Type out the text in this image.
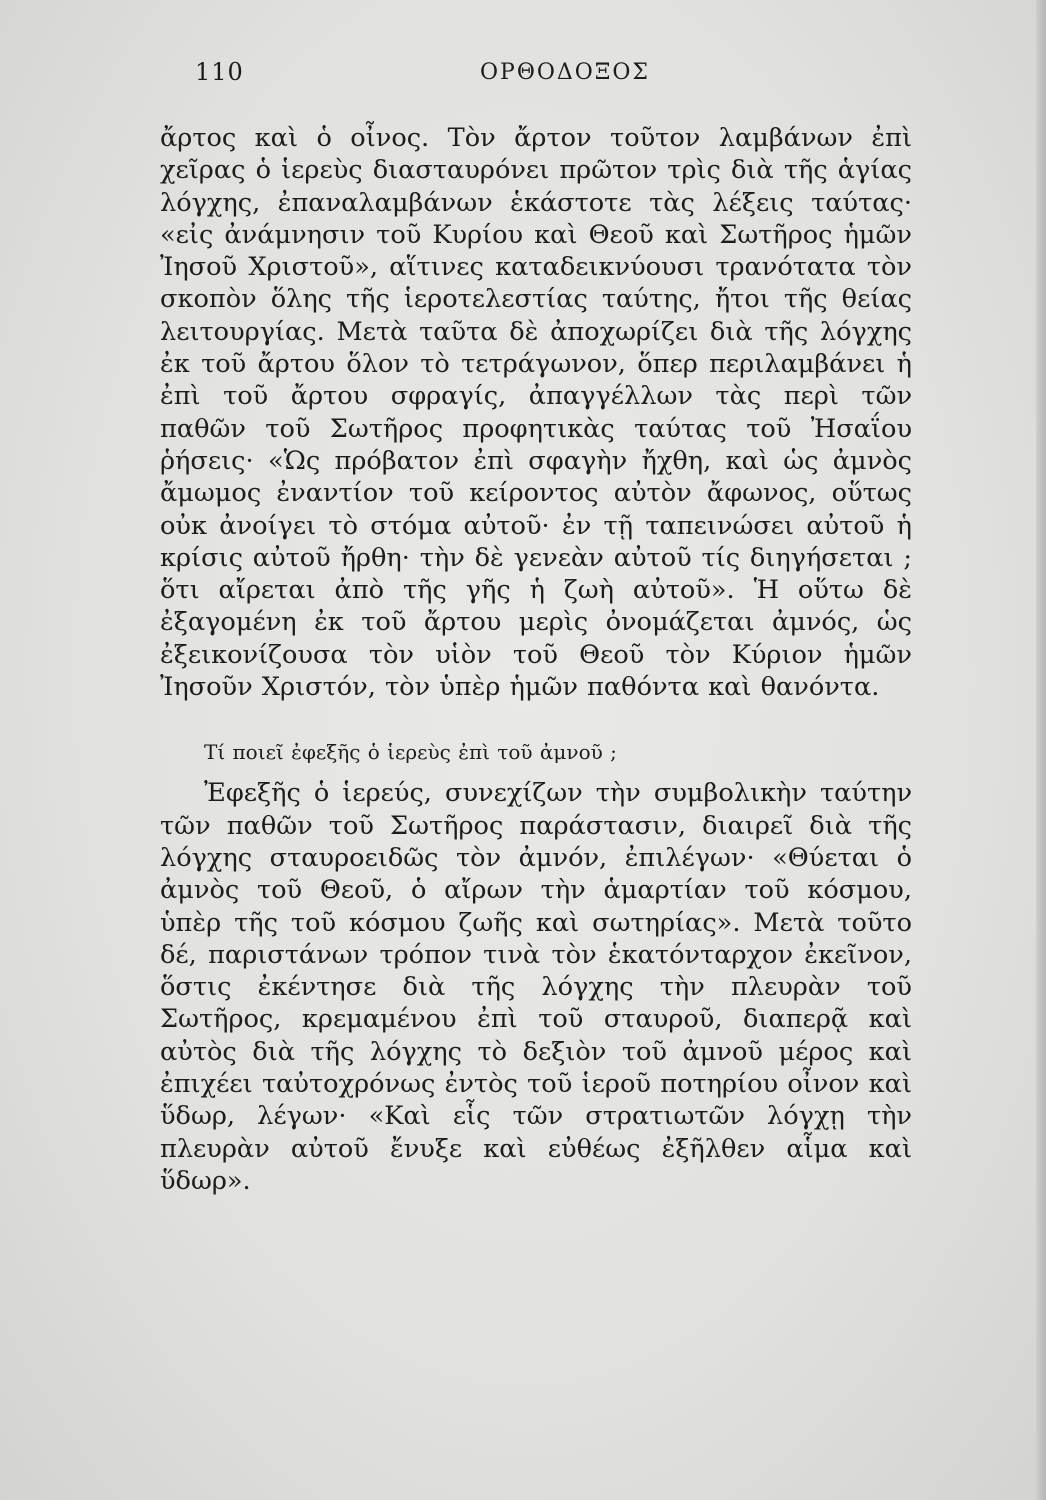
110	ΟΡΘΟΔΟΞΟΣ

ἄρτος καὶ ὁ οἶνος. Τὸν ἄρτον τοῦτον λαμβάνων ἐπὶ χεῖρας ὁ ἱερεὺς διασταυρόνει πρῶτον τρὶς διὰ τῆς ἁγίας λόγχης, ἐπαναλαμβάνων ἑκάστοτε τὰς λέξεις ταύτας· «εἰς ἀνάμνησιν τοῦ Κυρίου καὶ Θεοῦ καὶ Σωτῆρος ἡμῶν Ἰησοῦ Χριστοῦ», αἵτινες καταδεικνύουσι τρανότατα τὸν σκοπὸν ὅλης τῆς ἱεροτελεστίας ταύτης, ἤτοι τῆς θείας λειτουργίας. Μετὰ ταῦτα δὲ ἀποχωρίζει διὰ τῆς λόγχης ἐκ τοῦ ἄρτου ὅλον τὸ τετράγωνον, ὅπερ περιλαμβάνει ἡ ἐπὶ τοῦ ἄρτου σφραγίς, ἀπαγγέλλων τὰς περὶ τῶν παθῶν τοῦ Σωτῆρος προφητικὰς ταύτας τοῦ Ἠσαΐου ῥήσεις· «Ὡς πρόβατον ἐπὶ σφαγὴν ἤχθη, καὶ ὡς ἀμνὸς ἄμωμος ἐναντίον τοῦ κείροντος αὐτὸν ἄφωνος, οὕτως οὐκ ἀνοίγει τὸ στόμα αὐτοῦ· ἐν τῇ ταπεινώσει αὐτοῦ ἡ κρίσις αὐτοῦ ἤρθη· τὴν δὲ γενεὰν αὐτοῦ τίς διηγήσεται ; ὅτι αἴρεται ἀπὸ τῆς γῆς ἡ ζωὴ αὐτοῦ». Ἡ οὕτω δὲ ἐξαγομένη ἐκ τοῦ ἄρτου μερὶς ὀνομάζεται ἀμνός, ὡς ἐξεικονίζουσα τὸν υἱὸν τοῦ Θεοῦ τὸν Κύριον ἡμῶν Ἰησοῦν Χριστόν, τὸν ὑπὲρ ἡμῶν παθόντα καὶ θανόντα.

Τί ποιεῖ ἐφεξῆς ὁ ἱερεὺς ἐπὶ τοῦ ἀμνοῦ ;

Ἐφεξῆς ὁ ἱερεύς, συνεχίζων τὴν συμβολικὴν ταύτην τῶν παθῶν τοῦ Σωτῆρος παράστασιν, διαιρεῖ διὰ τῆς λόγχης σταυροειδῶς τὸν ἀμνόν, ἐπιλέγων· «Θύεται ὁ ἀμνὸς τοῦ Θεοῦ, ὁ αἴρων τὴν ἁμαρτίαν τοῦ κόσμου, ὑπὲρ τῆς τοῦ κόσμου ζωῆς καὶ σωτηρίας». Μετὰ τοῦτο δέ, παριστάνων τρόπον τινὰ τὸν ἑκατόνταρχον ἐκεῖνον, ὅστις ἐκέντησε διὰ τῆς λόγχης τὴν πλευρὰν τοῦ Σωτῆρος, κρεμαμένου ἐπὶ τοῦ σταυροῦ, διαπερᾷ καὶ αὐτὸς διὰ τῆς λόγχης τὸ δεξιὸν τοῦ ἀμνοῦ μέρος καὶ ἐπιχέει ταὐτοχρόνως ἐντὸς τοῦ ἱεροῦ ποτηρίου οἶνον καὶ ὕδωρ, λέγων· «Καὶ εἷς τῶν στρατιωτῶν λόγχῃ τὴν πλευρὰν αὐτοῦ ἔνυξε καὶ εὐθέως ἐξῆλθεν αἷμα καὶ ὕδωρ».
